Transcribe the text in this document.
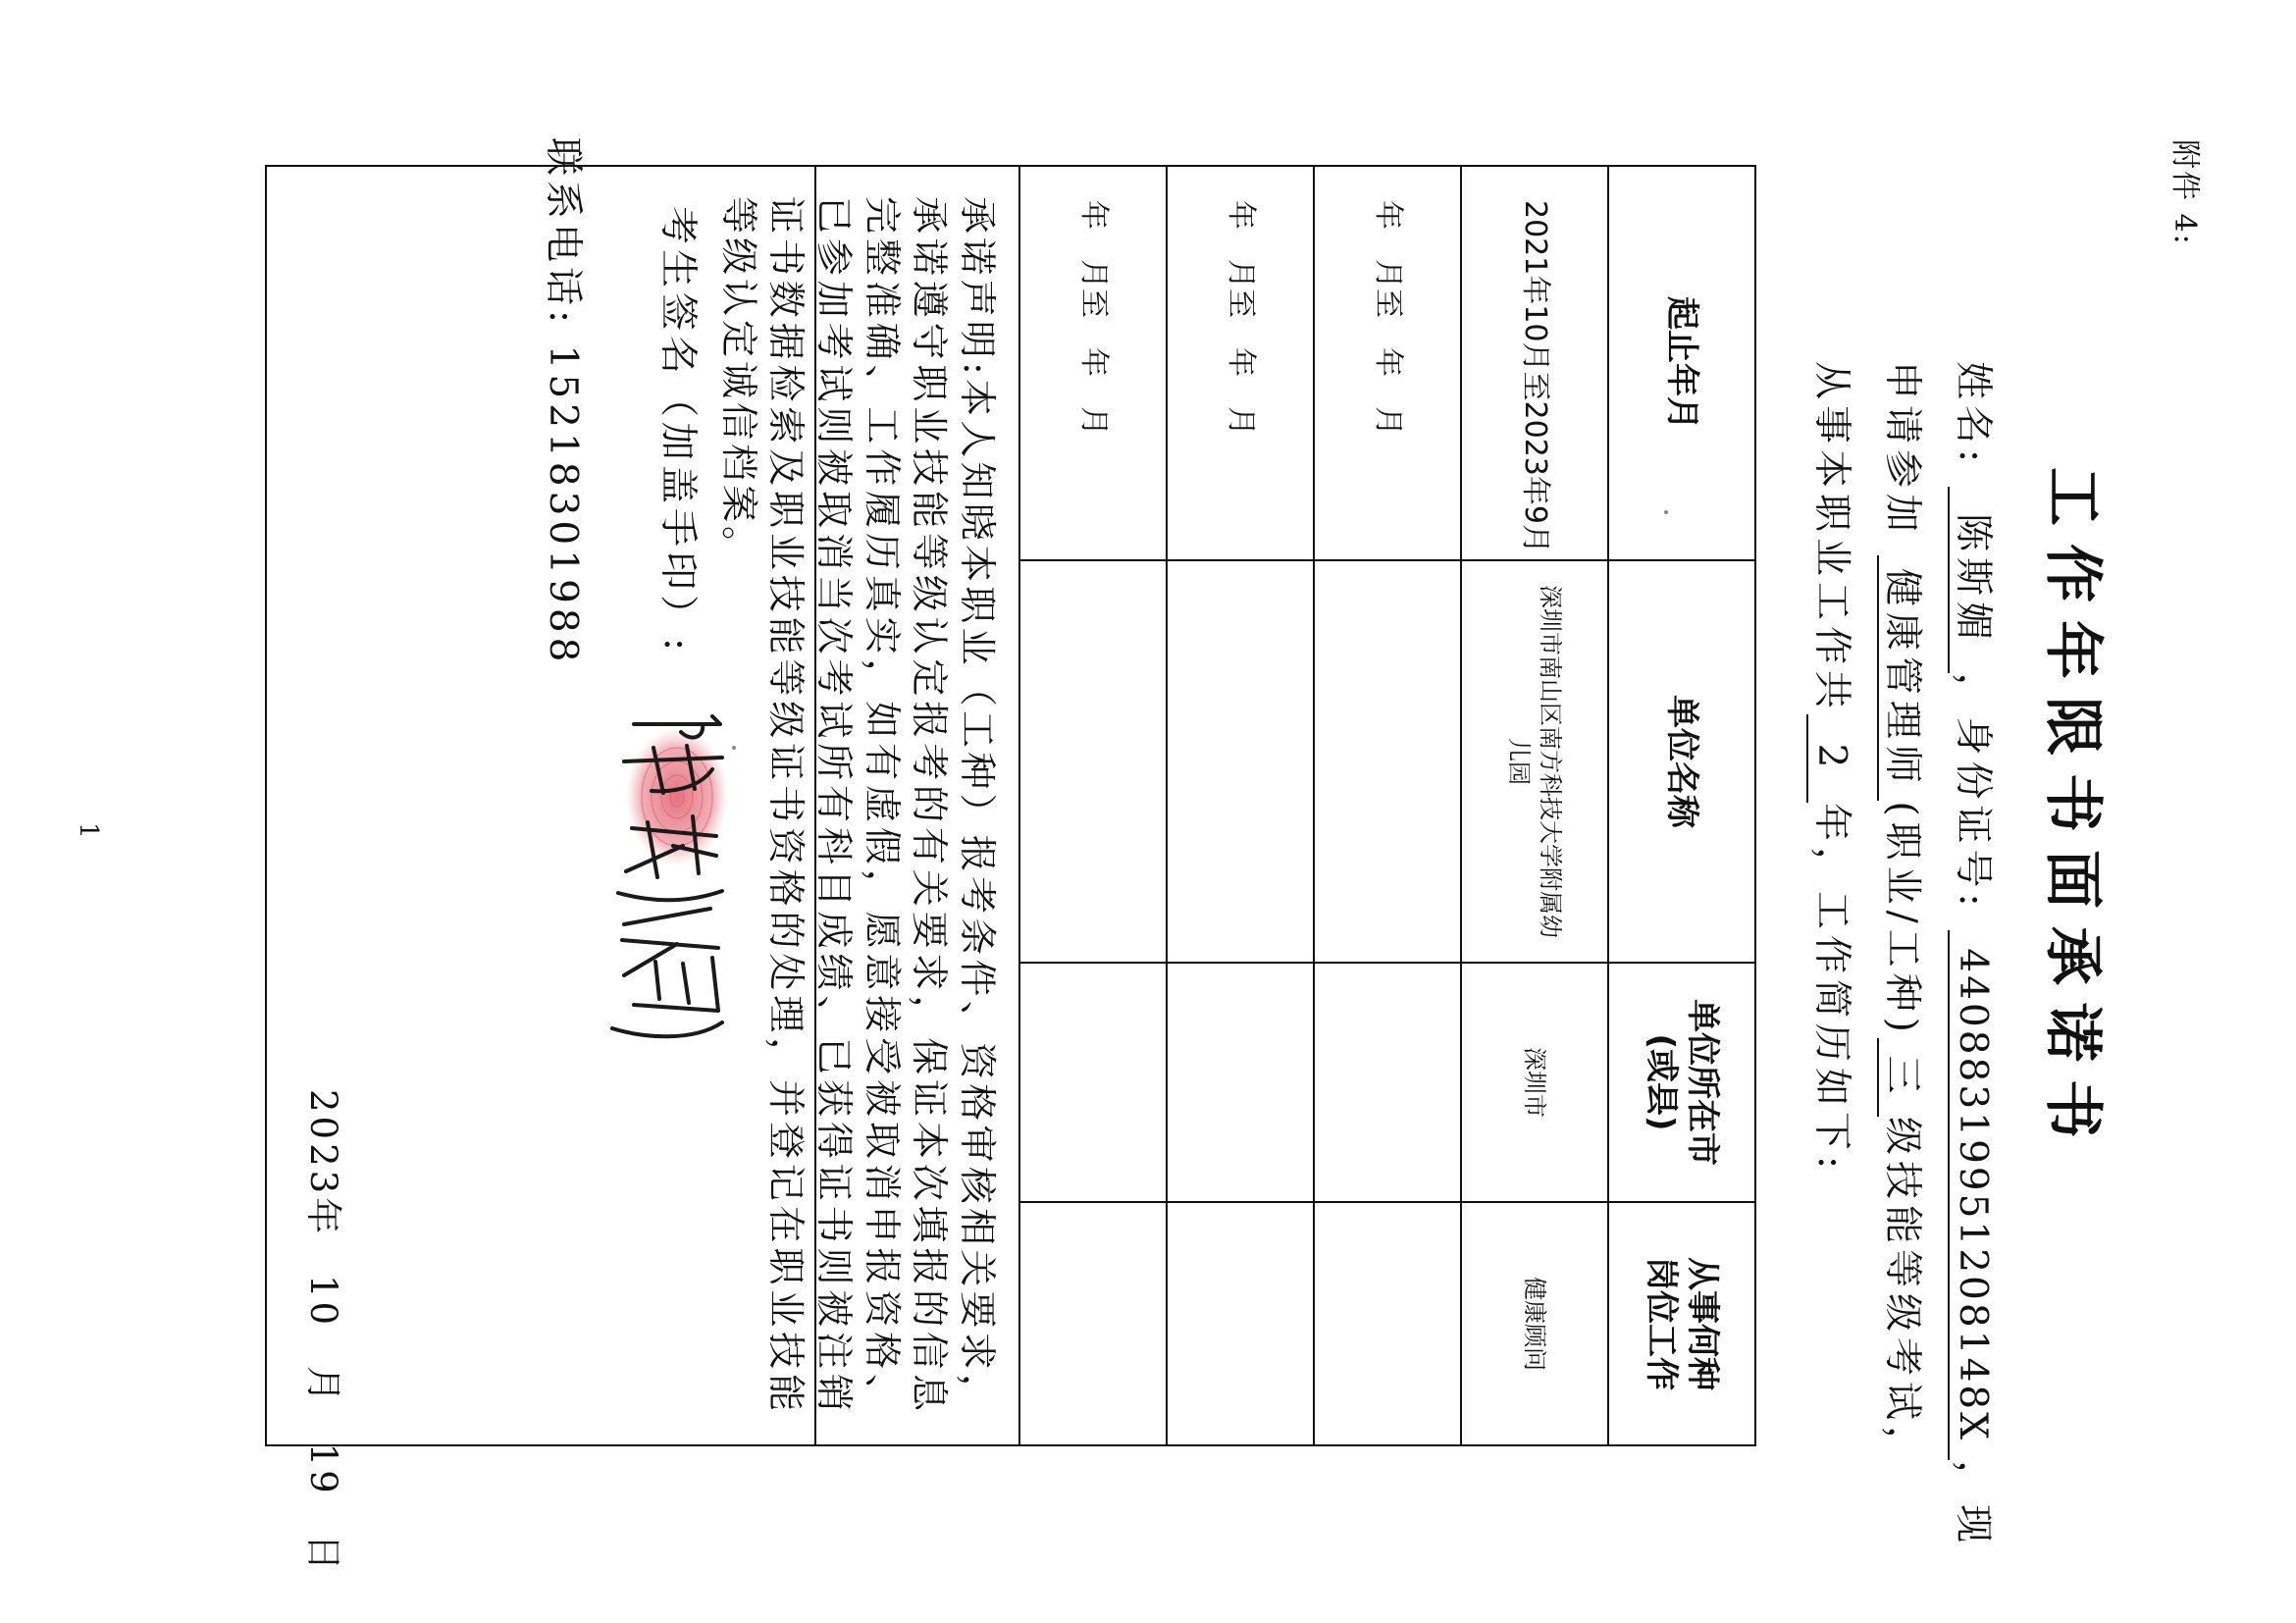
附件 4:
工作年限书面承诺书
姓名: 陈斯媚，身份证号: 44088319951208148X，现
申请参加 健康管理师(职业/工种)三级技能等级考试，
从事本职业工作共2年，工作简历如下:
起止年月
单位名称
单位所在市
(或县)
从事何种
岗位工作
2021年10月至2023年9月
深圳市南山区南方科技大学附属幼儿园
深圳市
健康顾问
年　月至　年　月
年　月至　年　月
年　月至　年　月
承诺声明:本人知晓本职业（工种）报考条件、资格审核相关要求，承诺遵守职业技能等级认定报考的有关要求，保证本次填报的信息完整准确、工作履历真实，如有虚假，愿意接受被取消申报资格、已参加考试则被取消当次考试所有科目成绩、已获得证书则被注销证书数据检索及职业技能等级证书资格的处理，并登记在职业技能等级认定诚信档案。
考生签名（加盖手印）:
联系电话: 15218301988
2023年 10 月 19 日
1
